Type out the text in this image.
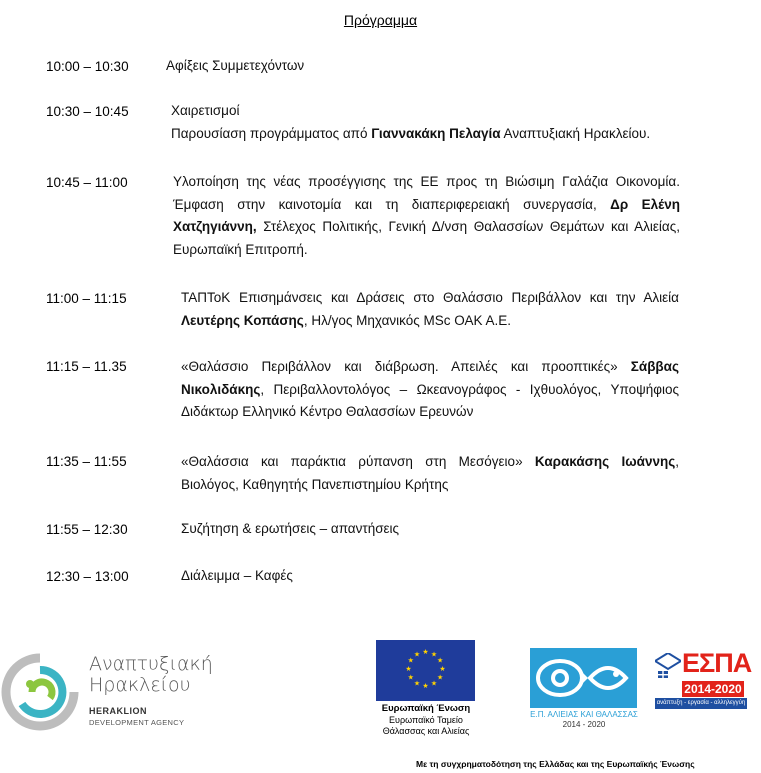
Πρόγραμμα
10:00 – 10:30	Αφίξεις Συμμετεχόντων
10:30 – 10:45	Χαιρετισμοί
Παρουσίαση προγράμματος από Γιαννακάκη Πελαγία Αναπτυξιακή Ηρακλείου.
10:45 – 11:00	Υλοποίηση της νέας προσέγγισης της ΕΕ προς τη Βιώσιμη Γαλάζια Οικονομία. Έμφαση στην καινοτομία και τη διαπεριφερειακή συνεργασία, Δρ Ελένη Χατζηγιάννη, Στέλεχος Πολιτικής, Γενική Δ/νση Θαλασσίων Θεμάτων και Αλιείας, Ευρωπαϊκή Επιτροπή.
11:00 – 11:15	ΤΑΠΤοΚ Επισημάνσεις και Δράσεις στο Θαλάσσιο Περιβάλλον και την Αλιεία Λευτέρης Κοπάσης, Ηλ/γος Μηχανικός MSc ΟΑΚ Α.Ε.
11:15 – 11.35	«Θαλάσσιο Περιβάλλον και διάβρωση. Απειλές και προοπτικές» Σάββας Νικολιδάκης, Περιβαλλοντολόγος – Ωκεανογράφος - Ιχθυολόγος, Υποψήφιος Διδάκτωρ Ελληνικό Κέντρο Θαλασσίων Ερευνών
11:35 – 11:55	«Θαλάσσια και παράκτια ρύπανση στη Μεσόγειο» Καρακάσης Ιωάννης, Βιολόγος, Καθηγητής Πανεπιστημίου Κρήτης
11:55 – 12:30	Συζήτηση & ερωτήσεις – απαντήσεις
12:30 – 13:00	Διάλειμμα – Καφές
Αναπτυξιακή
Ηρακλείου
HERAKLION
DEVELOPMENT AGENCY
★ ★
★
★
★
★
★
★
★
★
★
★
Ευρωπαϊκή Ένωση
Ευρωπαϊκό Ταμείο
Θάλασσας και Αλιείας
Ε.Π. ΑΛΙΕΙΑΣ ΚΑΙ ΘΑΛΑΣΣΑΣ
2014 - 2020
ΕΣΠΑ
2014-2020
ανάπτυξη - εργασία - αλληλεγγύη
Με τη συγχρηματοδότηση της Ελλάδας και της Ευρωπαϊκής Ένωσης
